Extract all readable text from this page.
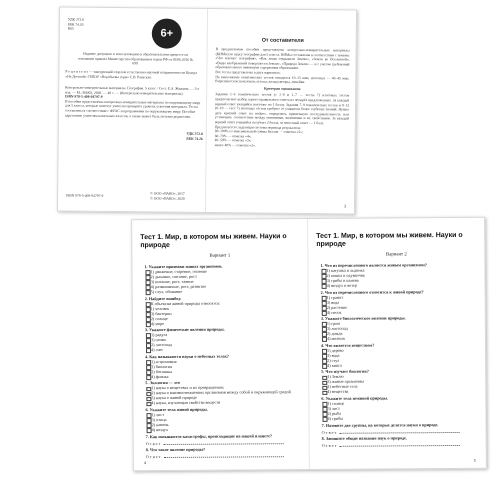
УДК 372.8
ББК 74.26
К65	6+
Издание допущено к использованию в образовательном процессе на основании приказа Министерства образования и науки РФ от 09.06.2016 № 699.
Р е ц е н з е н т — заведующий отделом естественно-научной направленности Центра «Не.Досягай» ГБПОУ «Воробьевы горы» С.В. Раевская.
Контрольно-измерительные материалы. География. 5 класс / Сост. Е.А. Жижина. — 5-е изд. — М.: ВАКО, 2020. — 48 с. — (Контрольно-измерительные материалы).
ISBN 978-5-408-04797-9
В пособии представлены контрольно-измерительные материалы по окружающему миру для 5 класса, которые помогут учителю проверить уровень усвоения материала. Тесты составлены в соответствии с ФГОС и программами по окружающему миру. Пособие адресовано учителям начальных классов, а также может быть полезно родителям.
УДК 372.8
ББК 74.26
ISBN 978-5-408-04797-9	© ООО «ВАКО», 2017
© ООО «ВАКО», 2020
От составителя

В предлагаемом пособии представлены контрольно-измерительные материалы (КИМы) по курсу географии для 5 класса. КИМы составлены в соответствии с темами: «Что изучает география», «Как люди открывали Землю», «Земля во Вселенной», «Виды изображений поверхности Земли», «Природа Земли» — и с учетом требований образовательного минимума содержания образования.

Все тесты представлены в двух вариантах.

На выполнение тематических тестов отводится 10–15 мин, итоговых — 40–45 мин. Разрешается использовать атласы, калькуляторы, линейки.

Критерии оценивания

Задания 1–6 тематических тестов (с 1–9 и 1–7 — тесты 7) итоговых тестов предполагают выбор одного правильного ответа из четырёх предложенных. За каждый верный ответ учащийся получает по 1 баллу. Задания 7–9 тематических тестов и 9–12 (8–10 — тест 7) итоговых тестов требуют от учащихся более глубоких знаний. Нужно дать краткий ответ на вопрос, определить правильную последовательность или установить соответствие между понятиями, явлениями и их свойствами. За каждый верный ответ учащийся получает 2 балла, за неполный ответ — 1 балл.

Предлагается следующая система перевода результатов:

80–100% от максимальной суммы баллов — отметка «5»;
60–79% — отметка «4»;
40–59% — отметка «3»;
менее 40% — отметка «2».
3
Тест 1. Мир, в котором мы живем. Науки о природе
Вариант 1
1. Укажите признаки живых организмов.
1) движение, старение, гниение
2) дыхание, питание, рост
3) питание, рост, таяние
4) размножение, рост, развитие
5) слух, обоняние
2. Найдите ошибку.
К объектам живой природы относятся:
1) человек
3) бактерии
2) солнце
4) море
3. Укажите физические явления природы.
1) радуга
3) почва
2) листопад
4) снег
4. Как называются науки о небесных телах?
1) астрономия
3) биология
2) ботаника
4) физика
5. Экология — это
1) наука о веществах и их превращениях
2) наука о взаимоотношениях организмов между собой и окружающей средой
3) наука о живой природе
4) наука, изучающая свойства веществ
6. Укажите тела живой природы.
1) лист
3) птица
2) камень
4) воздух
7. Как называются катастрофы, происходящие на нашей планете?
О т в е т
8. Что такое явление природы?
О т в е т
4
Тест 1. Мир, в котором мы живем. Науки о природе
Вариант 2
1. Что из перечисленного является живым организмом?
1) катушка и льдинка
2) кошка и одуванчик
3) грибы и камень
4) воздух и ветер
2. Что из перечисленного относится к живой природе?
1) гранит
3) вода
2) растение
4) песок
3. Укажите биологическое явление природы.
1) гром
3) листопад
2) дождь
4) молния
4. Что является веществом?
1) дерево
3) вода
2) стул
4) книга
5. Что изучает биология?
1) Землю
3) живые организмы
2) небесные тела
4) вещества
6. Укажите тела неживой природы.
1) солнце
3) лист
2) рыба
4) грибы
7. Назовите две группы, на которые делятся науки о природе.
О т в е т
8. Запишите общие названия наук о природе.
О т в е т
5
